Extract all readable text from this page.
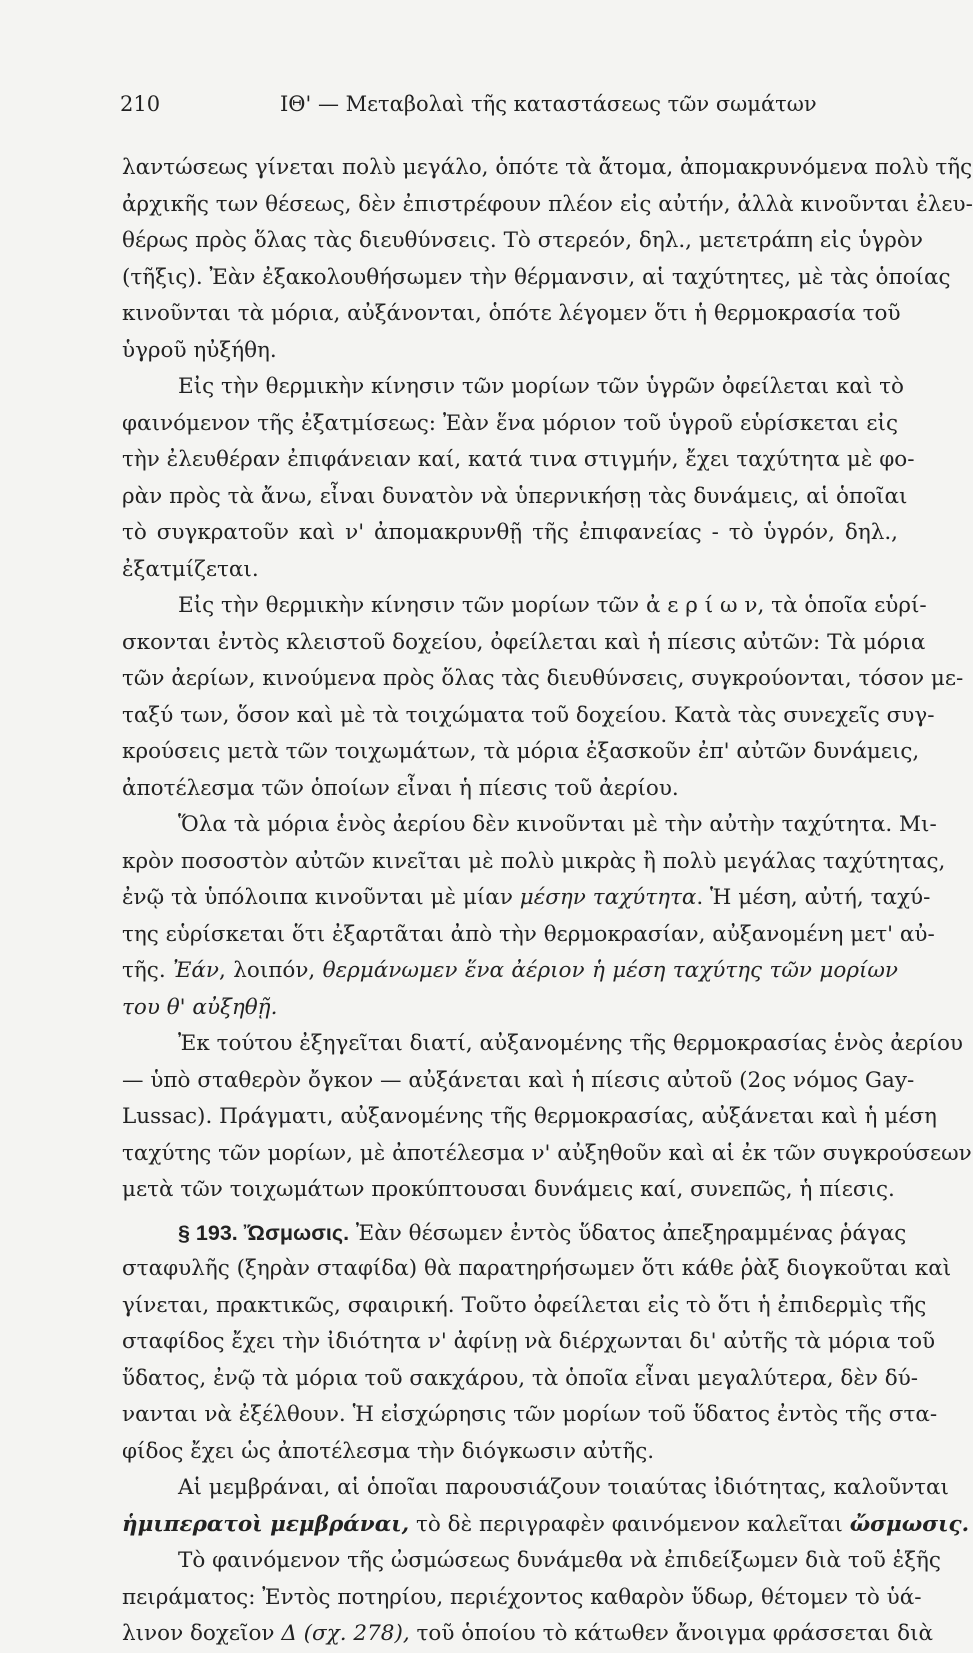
210	ΙΘ' — Μεταβολαὶ τῆς καταστάσεως τῶν σωμάτων
λαντώσεως γίνεται πολὺ μεγάλο, ὁπότε τὰ ἄτομα, ἀπομακρυνόμενα πολὺ τῆς
ἀρχικῆς των θέσεως, δὲν ἐπιστρέφουν πλέον εἰς αὐτήν, ἀλλὰ κινοῦνται ἐλευ-
θέρως πρὸς ὅλας τὰς διευθύνσεις. Τὸ στερεόν, δηλ., μετετράπη εἰς ὑγρὸν
(τῆξις). Ἐὰν ἐξακολουθήσωμεν τὴν θέρμανσιν, αἱ ταχύτητες, μὲ τὰς ὁποίας
κινοῦνται τὰ μόρια, αὐξάνονται, ὁπότε λέγομεν ὅτι ἡ θερμοκρασία τοῦ
ὑγροῦ ηὐξήθη.
Εἰς τὴν θερμικὴν κίνησιν τῶν μορίων τῶν ὑγρῶν ὀφείλεται καὶ τὸ
φαινόμενον τῆς ἐξατμίσεως: Ἐὰν ἕνα μόριον τοῦ ὑγροῦ εὑρίσκεται εἰς
τὴν ἐλευθέραν ἐπιφάνειαν καί, κατά τινα στιγμήν, ἔχει ταχύτητα μὲ φο-
ρὰν πρὸς τὰ ἄνω, εἶναι δυνατὸν νὰ ὑπερνικήσῃ τὰς δυνάμεις, αἱ ὁποῖαι
τὸ συγκρατοῦν καὶ ν' ἀπομακρυνθῇ τῆς ἐπιφανείας - τὸ ὑγρόν, δηλ.,
ἐξατμίζεται.
Εἰς τὴν θερμικὴν κίνησιν τῶν μορίων τῶν ἀ ε ρ ί ω ν, τὰ ὁποῖα εὑρί-
σκονται ἐντὸς κλειστοῦ δοχείου, ὀφείλεται καὶ ἡ πίεσις αὐτῶν: Τὰ μόρια
τῶν ἀερίων, κινούμενα πρὸς ὅλας τὰς διευθύνσεις, συγκρούονται, τόσον με-
ταξύ των, ὅσον καὶ μὲ τὰ τοιχώματα τοῦ δοχείου. Κατὰ τὰς συνεχεῖς συγ-
κρούσεις μετὰ τῶν τοιχωμάτων, τὰ μόρια ἐξασκοῦν ἐπ' αὐτῶν δυνάμεις,
ἀποτέλεσμα τῶν ὁποίων εἶναι ἡ πίεσις τοῦ ἀερίου.
Ὅλα τὰ μόρια ἑνὸς ἀερίου δὲν κινοῦνται μὲ τὴν αὐτὴν ταχύτητα. Μι-
κρὸν ποσοστὸν αὐτῶν κινεῖται μὲ πολὺ μικρὰς ἢ πολὺ μεγάλας ταχύτητας,
ἐνῷ τὰ ὑπόλοιπα κινοῦνται μὲ μίαν μέσην ταχύτητα. Ἡ μέση, αὐτή, ταχύ-
της εὑρίσκεται ὅτι ἐξαρτᾶται ἀπὸ τὴν θερμοκρασίαν, αὐξανομένη μετ' αὐ-
τῆς. Ἐάν, λοιπόν, θερμάνωμεν ἕνα ἀέριον ἡ μέση ταχύτης τῶν μορίων
του θ' αὐξηθῇ.
Ἐκ τούτου ἐξηγεῖται διατί, αὐξανομένης τῆς θερμοκρασίας ἑνὸς ἀερίου
— ὑπὸ σταθερὸν ὄγκον — αὐξάνεται καὶ ἡ πίεσις αὐτοῦ (2ος νόμος Gay-
Lussac). Πράγματι, αὐξανομένης τῆς θερμοκρασίας, αὐξάνεται καὶ ἡ μέση
ταχύτης τῶν μορίων, μὲ ἀποτέλεσμα ν' αὐξηθοῦν καὶ αἱ ἐκ τῶν συγκρούσεων
μετὰ τῶν τοιχωμάτων προκύπτουσαι δυνάμεις καί, συνεπῶς, ἡ πίεσις.
§ 193. Ὤσμωσις. Ἐὰν θέσωμεν ἐντὸς ὕδατος ἀπεξηραμμένας ῥάγας
σταφυλῆς (ξηρὰν σταφίδα) θὰ παρατηρήσωμεν ὅτι κάθε ῥὰξ διογκοῦται καὶ
γίνεται, πρακτικῶς, σφαιρική. Τοῦτο ὀφείλεται εἰς τὸ ὅτι ἡ ἐπιδερμὶς τῆς
σταφίδος ἔχει τὴν ἰδιότητα ν' ἀφίνῃ νὰ διέρχωνται δι' αὐτῆς τὰ μόρια τοῦ
ὕδατος, ἐνῷ τὰ μόρια τοῦ σακχάρου, τὰ ὁποῖα εἶναι μεγαλύτερα, δὲν δύ-
νανται νὰ ἐξέλθουν. Ἡ εἰσχώρησις τῶν μορίων τοῦ ὕδατος ἐντὸς τῆς στα-
φίδος ἔχει ὡς ἀποτέλεσμα τὴν διόγκωσιν αὐτῆς.
Αἱ μεμβράναι, αἱ ὁποῖαι παρουσιάζουν τοιαύτας ἰδιότητας, καλοῦνται
ἡμιπερατοὶ μεμβράναι, τὸ δὲ περιγραφὲν φαινόμενον καλεῖται ὤσμωσις.
Τὸ φαινόμενον τῆς ὠσμώσεως δυνάμεθα νὰ ἐπιδείξωμεν διὰ τοῦ ἑξῆς
πειράματος: Ἐντὸς ποτηρίου, περιέχοντος καθαρὸν ὕδωρ, θέτομεν τὸ ὑά-
λινον δοχεῖον Δ (σχ. 278), τοῦ ὁποίου τὸ κάτωθεν ἄνοιγμα φράσσεται διὰ
